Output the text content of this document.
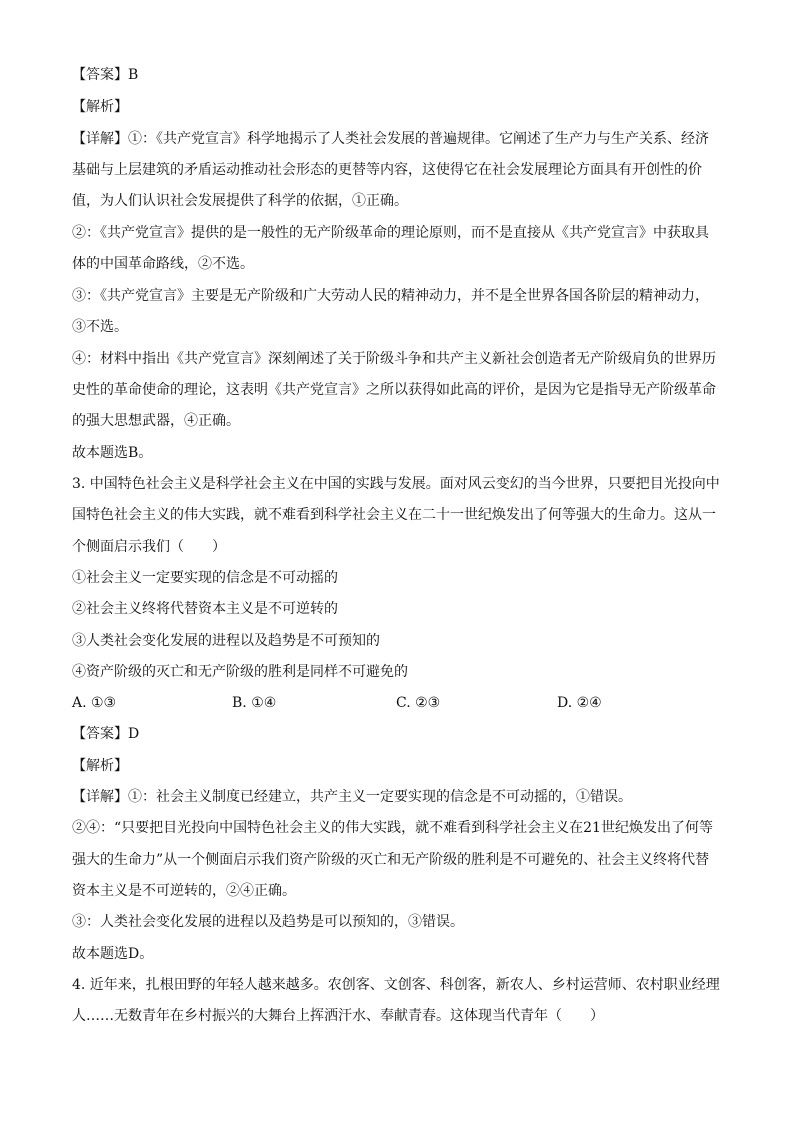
【答案】B
【解析】
【详解】①：《共产党宣言》科学地揭示了人类社会发展的普遍规律。它阐述了生产力与生产关系、经济
基础与上层建筑的矛盾运动推动社会形态的更替等内容，这使得它在社会发展理论方面具有开创性的价
值，为人们认识社会发展提供了科学的依据，①正确。
②：《共产党宣言》提供的是一般性的无产阶级革命的理论原则，而不是直接从《共产党宣言》中获取具
体的中国革命路线，②不选。
③：《共产党宣言》主要是无产阶级和广大劳动人民的精神动力，并不是全世界各国各阶层的精神动力，
③不选。
④：材料中指出《共产党宣言》深刻阐述了关于阶级斗争和共产主义新社会创造者无产阶级肩负的世界历
史性的革命使命的理论，这表明《共产党宣言》之所以获得如此高的评价，是因为它是指导无产阶级革命
的强大思想武器，④正确。
故本题选B。
3. 中国特色社会主义是科学社会主义在中国的实践与发展。面对风云变幻的当今世界，只要把目光投向中
国特色社会主义的伟大实践，就不难看到科学社会主义在二十一世纪焕发出了何等强大的生命力。这从一
个侧面启示我们（　　）
①社会主义一定要实现的信念是不可动摇的
②社会主义终将代替资本主义是不可逆转的
③人类社会变化发展的进程以及趋势是不可预知的
④资产阶级的灭亡和无产阶级的胜利是同样不可避免的
A. ①③	B. ①④	C. ②③	D. ②④
【答案】D
【解析】
【详解】①：社会主义制度已经建立，共产主义一定要实现的信念是不可动摇的，①错误。
②④：“只要把目光投向中国特色社会主义的伟大实践，就不难看到科学社会主义在21世纪焕发出了何等
强大的生命力”从一个侧面启示我们资产阶级的灭亡和无产阶级的胜利是不可避免的、社会主义终将代替
资本主义是不可逆转的，②④正确。
③：人类社会变化发展的进程以及趋势是可以预知的，③错误。
故本题选D。
4. 近年来，扎根田野的年轻人越来越多。农创客、文创客、科创客，新农人、乡村运营师、农村职业经理
人……无数青年在乡村振兴的大舞台上挥洒汗水、奉献青春。这体现当代青年（　　）
